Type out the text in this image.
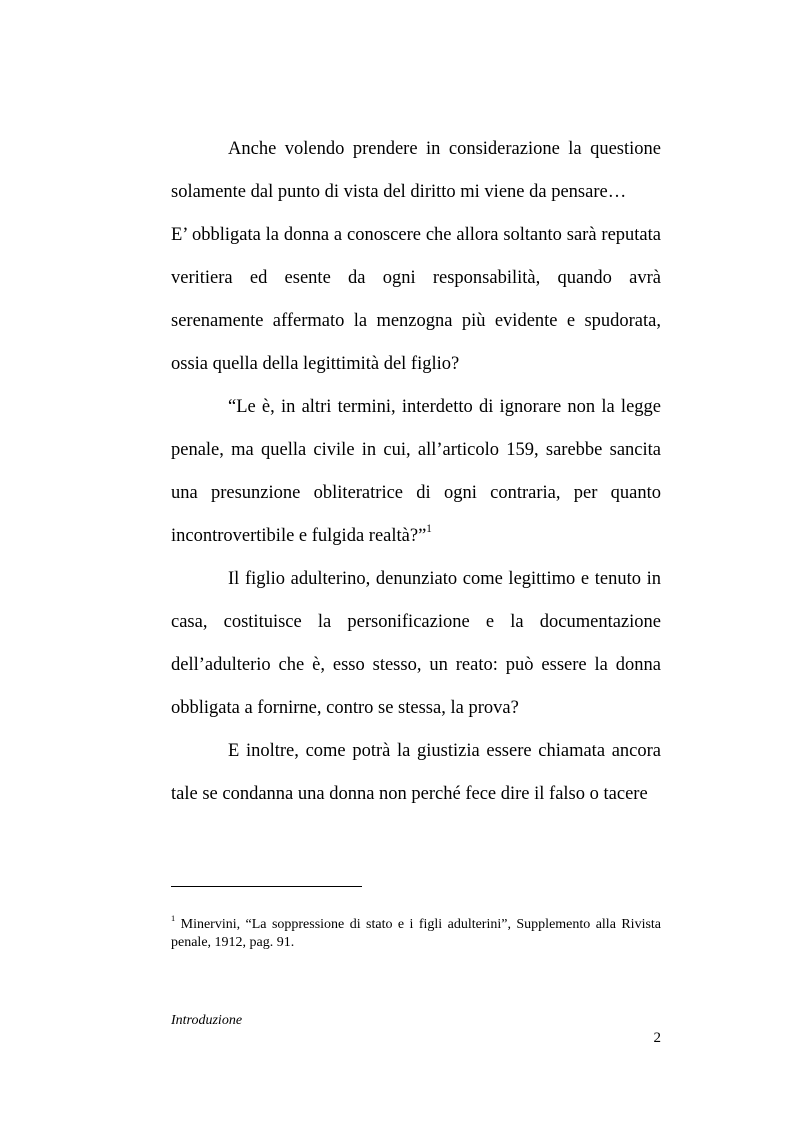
Anche volendo prendere in considerazione la questione solamente dal punto di vista del diritto mi viene da pensare…

E’ obbligata la donna a conoscere che allora soltanto sarà reputata veritiera ed esente da ogni responsabilità, quando avrà serenamente affermato la menzogna più evidente e spudorata, ossia quella della legittimità del figlio?

“Le è, in altri termini, interdetto di ignorare non la legge penale, ma quella civile in cui, all’articolo 159, sarebbe sancita una presunzione obliteratrice di ogni contraria, per quanto incontrovertibile e fulgida realtà?”$^1$

Il figlio adulterino, denunziato come legittimo e tenuto in casa, costituisce la personificazione e la documentazione dell’adulterio che è, esso stesso, un reato: può essere la donna obbligata a fornirne, contro se stessa, la prova?

E inoltre, come potrà la giustizia essere chiamata ancora tale se condanna una donna non perché fece dire il falso o tacere

$^1$ Minervini, “La soppressione di stato e i figli adulterini”, Supplemento alla Rivista penale, 1912, pag. 91.

Introduzione
2
